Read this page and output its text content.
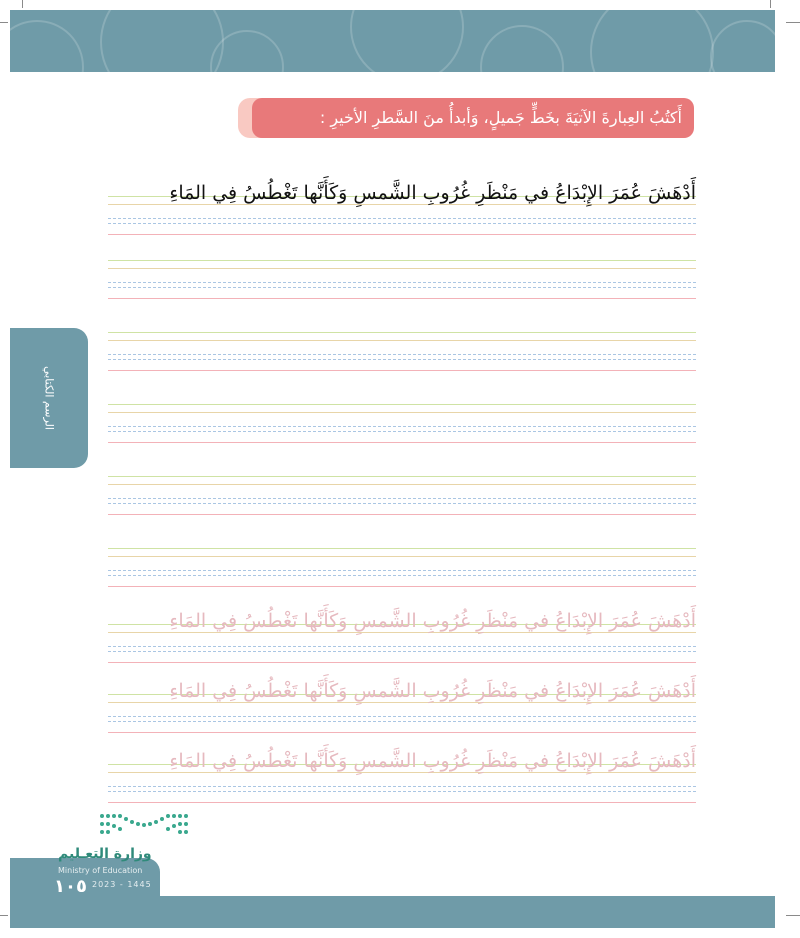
أَكتُبُ العِبارةَ الآتيَةَ بخَطٍّ جَميلٍ، وَأبدأُ منَ السَّطرِ الأخيرِ :
الرسم الكتابي
أَدْهَشَ عُمَرَ الإِبْدَاعُ في مَنْظَرِ غُرُوبِ الشَّمسِ وَكَأَنَّها تَغْطُسُ فِي المَاءِ
أَدْهَشَ عُمَرَ الإِبْدَاعُ في مَنْظَرِ غُرُوبِ الشَّمسِ وَكَأَنَّها تَغْطُسُ فِي المَاءِ
أَدْهَشَ عُمَرَ الإِبْدَاعُ في مَنْظَرِ غُرُوبِ الشَّمسِ وَكَأَنَّها تَغْطُسُ فِي المَاءِ
أَدْهَشَ عُمَرَ الإِبْدَاعُ في مَنْظَرِ غُرُوبِ الشَّمسِ وَكَأَنَّها تَغْطُسُ فِي المَاءِ
وزارة التعـليم
Ministry of Education
١٠٥ 2023 - 1445
